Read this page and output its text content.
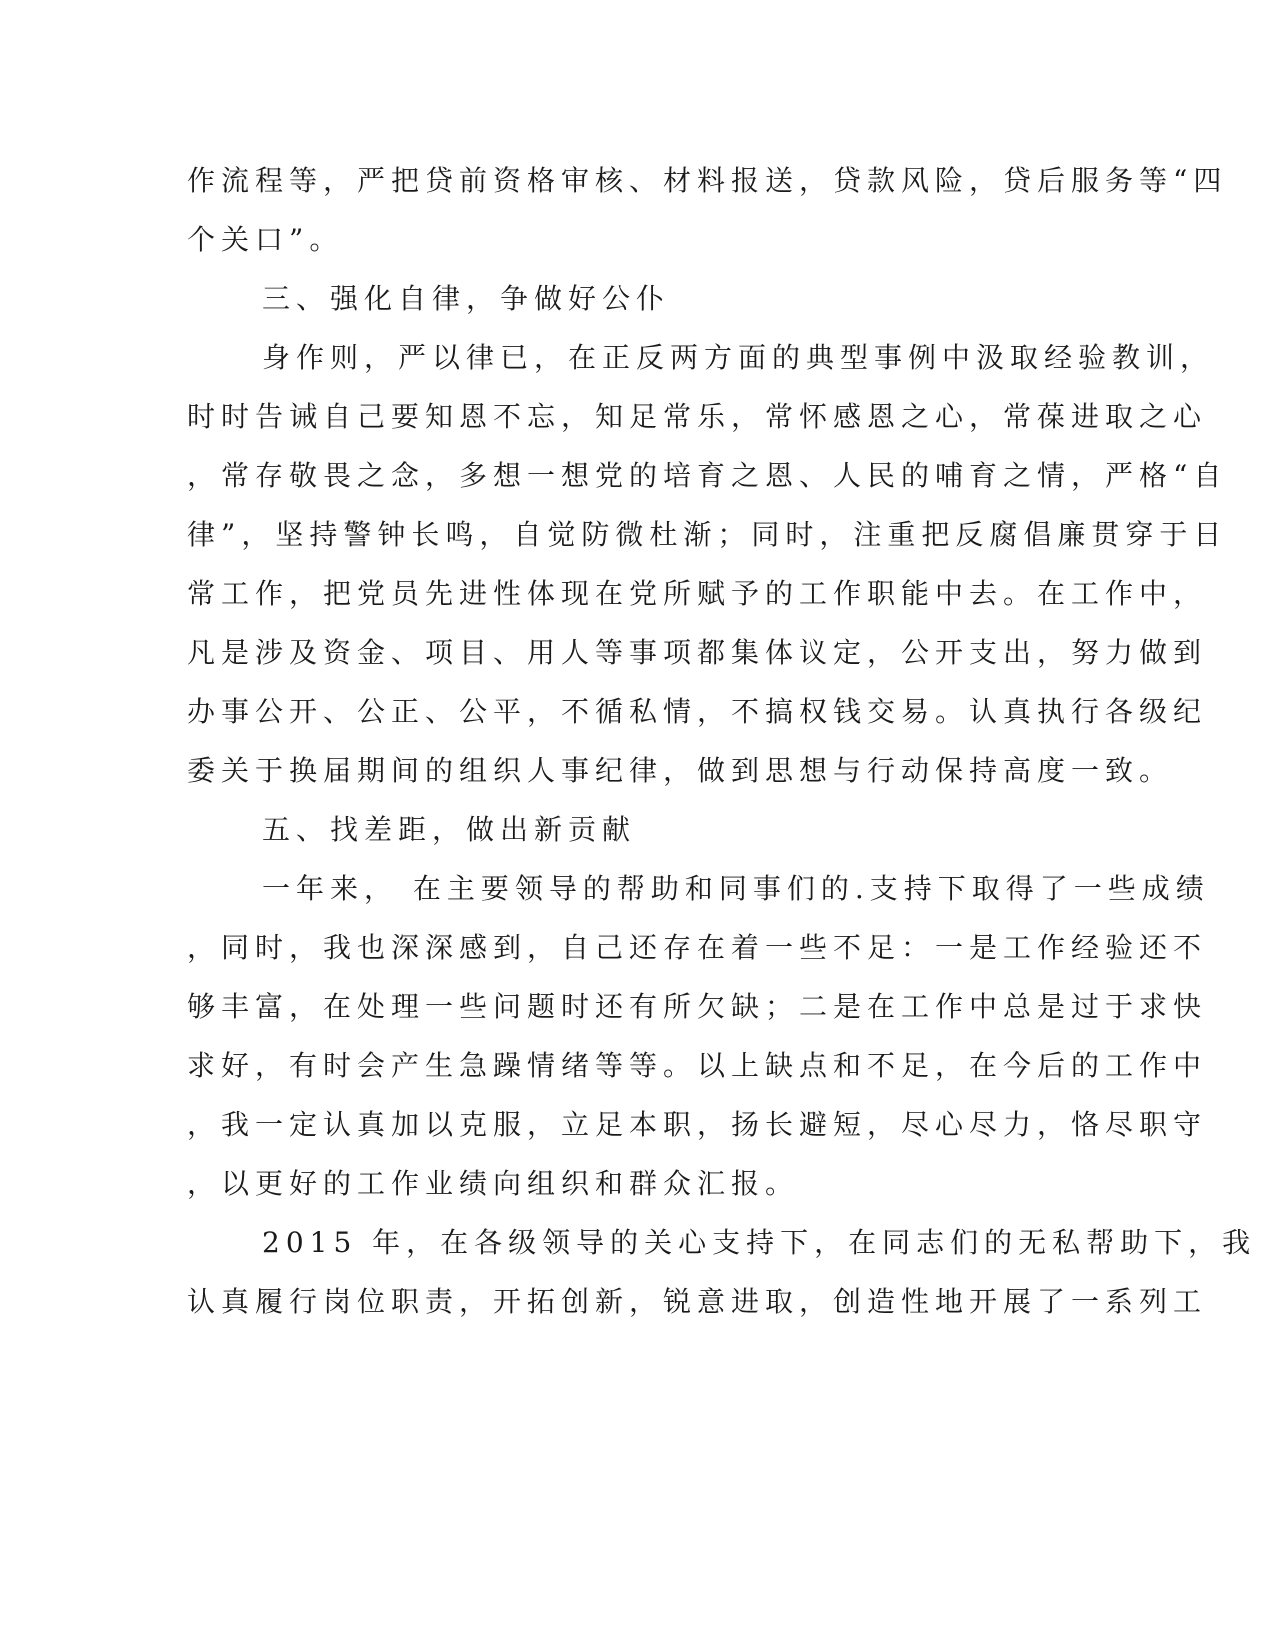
作流程等，严把贷前资格审核、材料报送，贷款风险，贷后服务等“四
个关口”。
三、强化自律，争做好公仆
身作则，严以律已，在正反两方面的典型事例中汲取经验教训，
时时告诫自己要知恩不忘，知足常乐，常怀感恩之心，常葆进取之心
，常存敬畏之念，多想一想党的培育之恩、人民的哺育之情，严格“自
律”，坚持警钟长鸣，自觉防微杜渐；同时，注重把反腐倡廉贯穿于日
常工作，把党员先进性体现在党所赋予的工作职能中去。在工作中，
凡是涉及资金、项目、用人等事项都集体议定，公开支出，努力做到
办事公开、公正、公平，不循私情，不搞权钱交易。认真执行各级纪
委关于换届期间的组织人事纪律，做到思想与行动保持高度一致。
五、找差距，做出新贡献
一年来， 在主要领导的帮助和同事们的.支持下取得了一些成绩
，同时，我也深深感到，自己还存在着一些不足：一是工作经验还不
够丰富，在处理一些问题时还有所欠缺；二是在工作中总是过于求快
求好，有时会产生急躁情绪等等。以上缺点和不足，在今后的工作中
，我一定认真加以克服，立足本职，扬长避短，尽心尽力，恪尽职守
，以更好的工作业绩向组织和群众汇报。
2015 年，在各级领导的关心支持下，在同志们的无私帮助下，我
认真履行岗位职责，开拓创新，锐意进取，创造性地开展了一系列工
